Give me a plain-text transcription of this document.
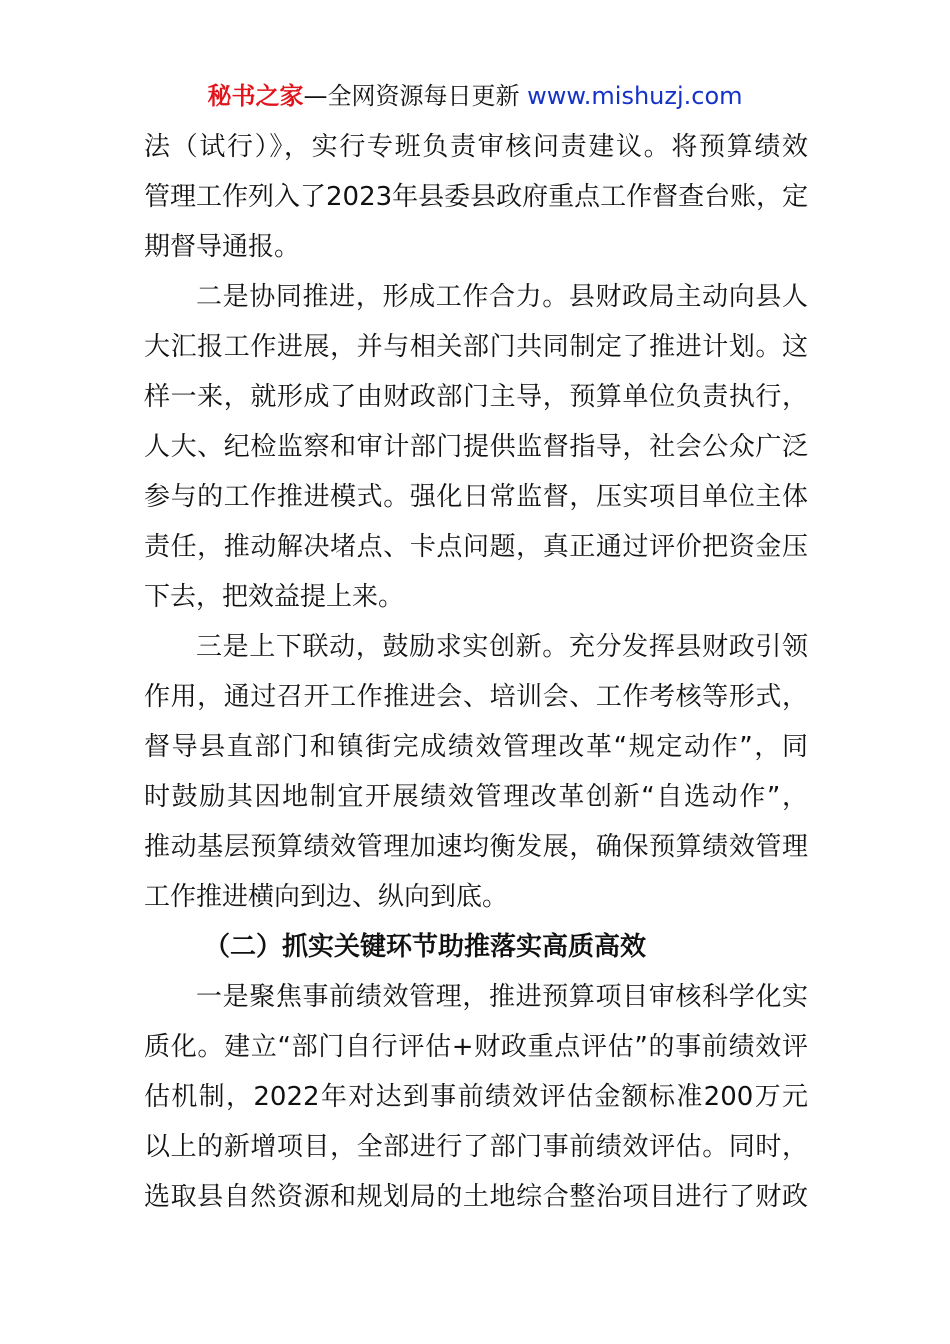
秘书之家—全网资源每日更新 www.mishuzj.com
法（试行）》，实行专班负责审核问责建议。将预算绩效
管理工作列入了2023年县委县政府重点工作督查台账，定
期督导通报。
二是协同推进，形成工作合力。县财政局主动向县人
大汇报工作进展，并与相关部门共同制定了推进计划。这
样一来，就形成了由财政部门主导，预算单位负责执行，
人大、纪检监察和审计部门提供监督指导，社会公众广泛
参与的工作推进模式。强化日常监督，压实项目单位主体
责任，推动解决堵点、卡点问题，真正通过评价把资金压
下去，把效益提上来。
三是上下联动，鼓励求实创新。充分发挥县财政引领
作用，通过召开工作推进会、培训会、工作考核等形式，
督导县直部门和镇街完成绩效管理改革“规定动作”，同
时鼓励其因地制宜开展绩效管理改革创新“自选动作”，
推动基层预算绩效管理加速均衡发展，确保预算绩效管理
工作推进横向到边、纵向到底。
（二）抓实关键环节助推落实高质高效
一是聚焦事前绩效管理，推进预算项目审核科学化实
质化。建立“部门自行评估+财政重点评估”的事前绩效评
估机制，2022年对达到事前绩效评估金额标准200万元
以上的新增项目，全部进行了部门事前绩效评估。同时，
选取县自然资源和规划局的土地综合整治项目进行了财政
